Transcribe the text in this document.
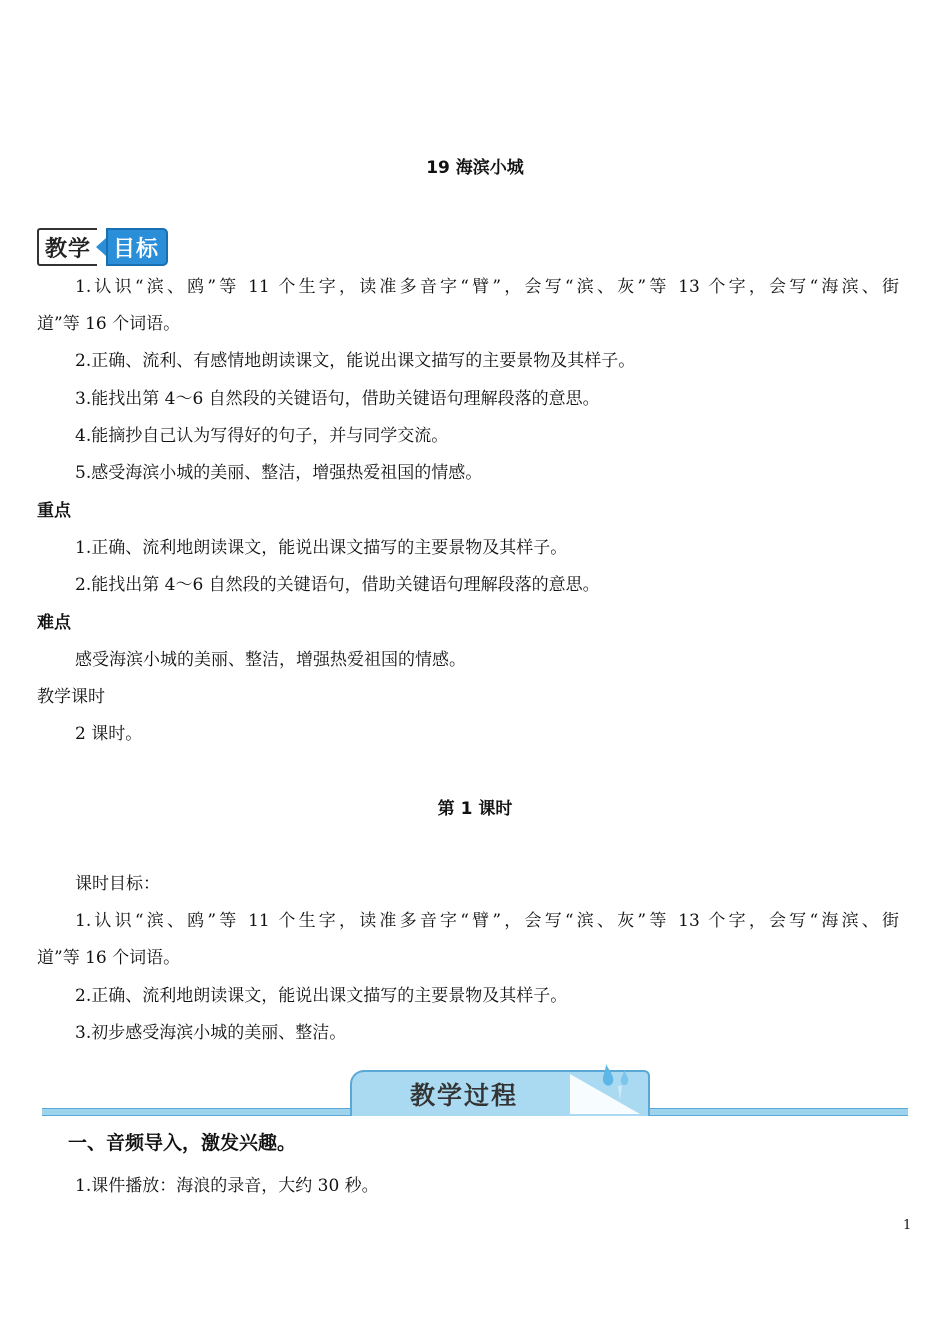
19 海滨小城
教学	目标
1.认识“滨、鸥”等 11 个生字，读准多音字“臂”，会写“滨、灰”等 13 个字，会写“海滨、街
道”等 16 个词语。
2.正确、流利、有感情地朗读课文，能说出课文描写的主要景物及其样子。
3.能找出第 4～6 自然段的关键语句，借助关键语句理解段落的意思。
4.能摘抄自己认为写得好的句子，并与同学交流。
5.感受海滨小城的美丽、整洁，增强热爱祖国的情感。
重点
1.正确、流利地朗读课文，能说出课文描写的主要景物及其样子。
2.能找出第 4～6 自然段的关键语句，借助关键语句理解段落的意思。
难点
感受海滨小城的美丽、整洁，增强热爱祖国的情感。
教学课时
2 课时。
第 1 课时
课时目标：
1.认识“滨、鸥”等 11 个生字，读准多音字“臂”，会写“滨、灰”等 13 个字，会写“海滨、街
道”等 16 个词语。
2.正确、流利地朗读课文，能说出课文描写的主要景物及其样子。
3.初步感受海滨小城的美丽、整洁。
教学过程
一、音频导入，激发兴趣。
1.课件播放：海浪的录音，大约 30 秒。
1
